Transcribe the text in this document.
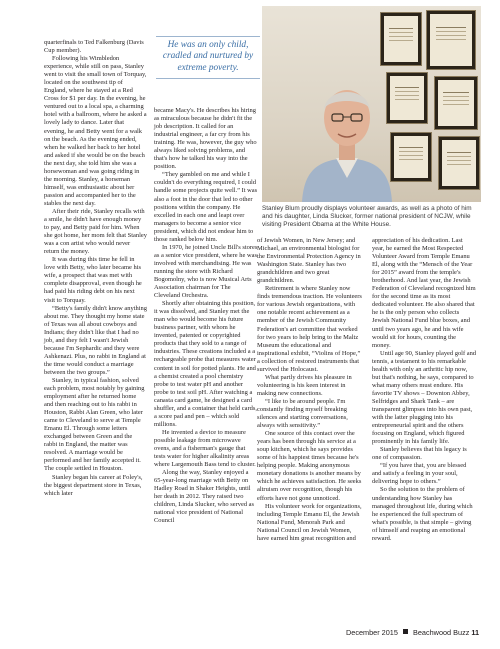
quarterfinals to Ted Falkenburg (Davis Cup member).

Following his Wimbledon experience, while still on pass, Stanley went to visit the small town of Torquay, located on the southwest tip of England, where he stayed at a Red Cross for $1 per day. In the evening, he ventured out to a local spa, a charming hotel with a ballroom, where he asked a lovely lady to dance. Later that evening, he and Betty went for a walk on the beach. As the evening ended, when he walked her back to her hotel and asked if she would be on the beach the next day, she told him she was a horsewoman and was going riding in the morning. Stanley, a horseman himself, was enthusiastic about her passion and accompanied her to the stables the next day.

After their ride, Stanley recalls with a smile, he didn't have enough money to pay, and Betty paid for him. When she got home, her mom felt that Stanley was a con artist who would never return the money.

It was during this time he fell in love with Betty, who later became his wife, a prospect that was met with complete disapproval, even though he had paid his riding debt on his next visit to Torquay.

“Betty's family didn't know anything about me. They thought my home state of Texas was all about cowboys and Indians; they didn't like that I had no job, and they felt I wasn't Jewish because I'm Sephardic and they were Ashkenazi. Plus, no rabbi in England at the time would conduct a marriage between the two groups.”

Stanley, in typical fashion, solved each problem, most notably by gaining employment after he returned home and then reaching out to his rabbi in Houston, Rabbi Alan Green, who later came to Cleveland to serve at Temple Emanu El. Through some letters exchanged between Green and the rabbi in England, the matter was resolved. A marriage would be performed and her family accepted it. The couple settled in Houston.

Stanley began his career at Foley's, the biggest department store in Texas, which later

He was an only child, cradled and nurtured by extreme poverty.

became Macy's. He describes his hiring as miraculous because he didn't fit the job description. It called for an industrial engineer, a far cry from his training. He was, however, the guy who always liked solving problems, and that's how he talked his way into the position.

“They gambled on me and while I couldn't do everything required, I could handle some projects quite well.” It was also a foot in the door that led to other positions within the company. He excelled in each one and leapt over managers to become a senior vice president, which did not endear him to those ranked below him.

In 1970, he joined Uncle Bill's stores as a senior vice president, where he was involved with merchandising. He was running the store with Richard Bogomolny, who is now Musical Arts Association chairman for The Cleveland Orchestra.

Shortly after obtaining this position, it was dissolved, and Stanley met the man who would become his future business partner, with whom he invented, patented or copyrighted products that they sold to a range of industries. These creations included a a rechargeable probe that measures water content in soil for potted plants. He and a chemist created a pool chemistry probe to test water pH and another probe to test soil pH. After watching a canasta card game, he designed a card shuffler, and a container that held cards, a score pad and pen – which sold millions.

He invented a device to measure possible leakage from microwave ovens, and a fisherman's gauge that tests water for higher alkalinity areas where Largemouth Bass tend to cluster.

Along the way, Stanley enjoyed a 65-year-long marriage with Betty on Hadley Road in Shaker Heights, until her death in 2012. They raised two children, Linda Slucker, who served as national vice president of National Council

Stanley Blum proudly displays volunteer awards, as well as a photo of him and his daughter, Linda Slucker, former national president of NCJW, while visiting President Obama at the White House.

of Jewish Women, in New Jersey; and Michael, an environmental biologist for the Environmental Protection Agency in Washington State. Stanley has two grandchildren and two great grandchildren.

Retirement is where Stanley now finds tremendous traction. He volunteers for various Jewish organizations, with one notable recent achievement as a member of the Jewish Community Federation's art committee that worked for two years to help bring to the Maltz Museum the educational and inspirational exhibit, “Violins of Hope,” a collection of restored instruments that survived the Holocaust.

What partly drives his pleasure in volunteering is his keen interest in making new connections.

“I like to be around people. I'm constantly finding myself breaking silences and starting conversations, always with sensitivity.”

One source of this contact over the years has been through his service at a soup kitchen, which he says provides some of his happiest times because he's helping people. Making anonymous monetary donations is another means by which he achieves satisfaction. He seeks altruism over recognition, though his efforts have not gone unnoticed.

His volunteer work for organizations, including Temple Emanu El, the Jewish National Fund, Menorah Park and National Council on Jewish Women, have earned him great recognition and

appreciation of his dedication. Last year, he earned the Most Respected Volunteer Award from Temple Emanu El, along with the “Mensch of the Year for 2015” award from the temple's brotherhood. And last year, the Jewish Federation of Cleveland recognized him for the second time as its most dedicated volunteer. He also shared that he is the only person who collects Jewish National Fund blue boxes, and until two years ago, he and his wife would sit for hours, counting the money.

Until age 90, Stanley played golf and tennis, a testament to his remarkable health with only an arthritic hip now, but that's nothing, he says, compared to what many others must endure. His favorite TV shows – Downton Abbey, Selfridges and Shark Tank – are transparent glimpses into his own past, with the latter plugging into his entrepreneurial spirit and the others focusing on England, which figured prominently in his family life.

Stanley believes that his legacy is one of compassion.

“If you have that, you are blessed and satisfy a feeling in your soul, delivering hope to others.”

So the solution to the problem of understanding how Stanley has managed throughout life, during which he experienced the full spectrum of what's possible, is that simple – giving of himself and reaping an emotional reward.

December 2015 Beachwood Buzz 11
